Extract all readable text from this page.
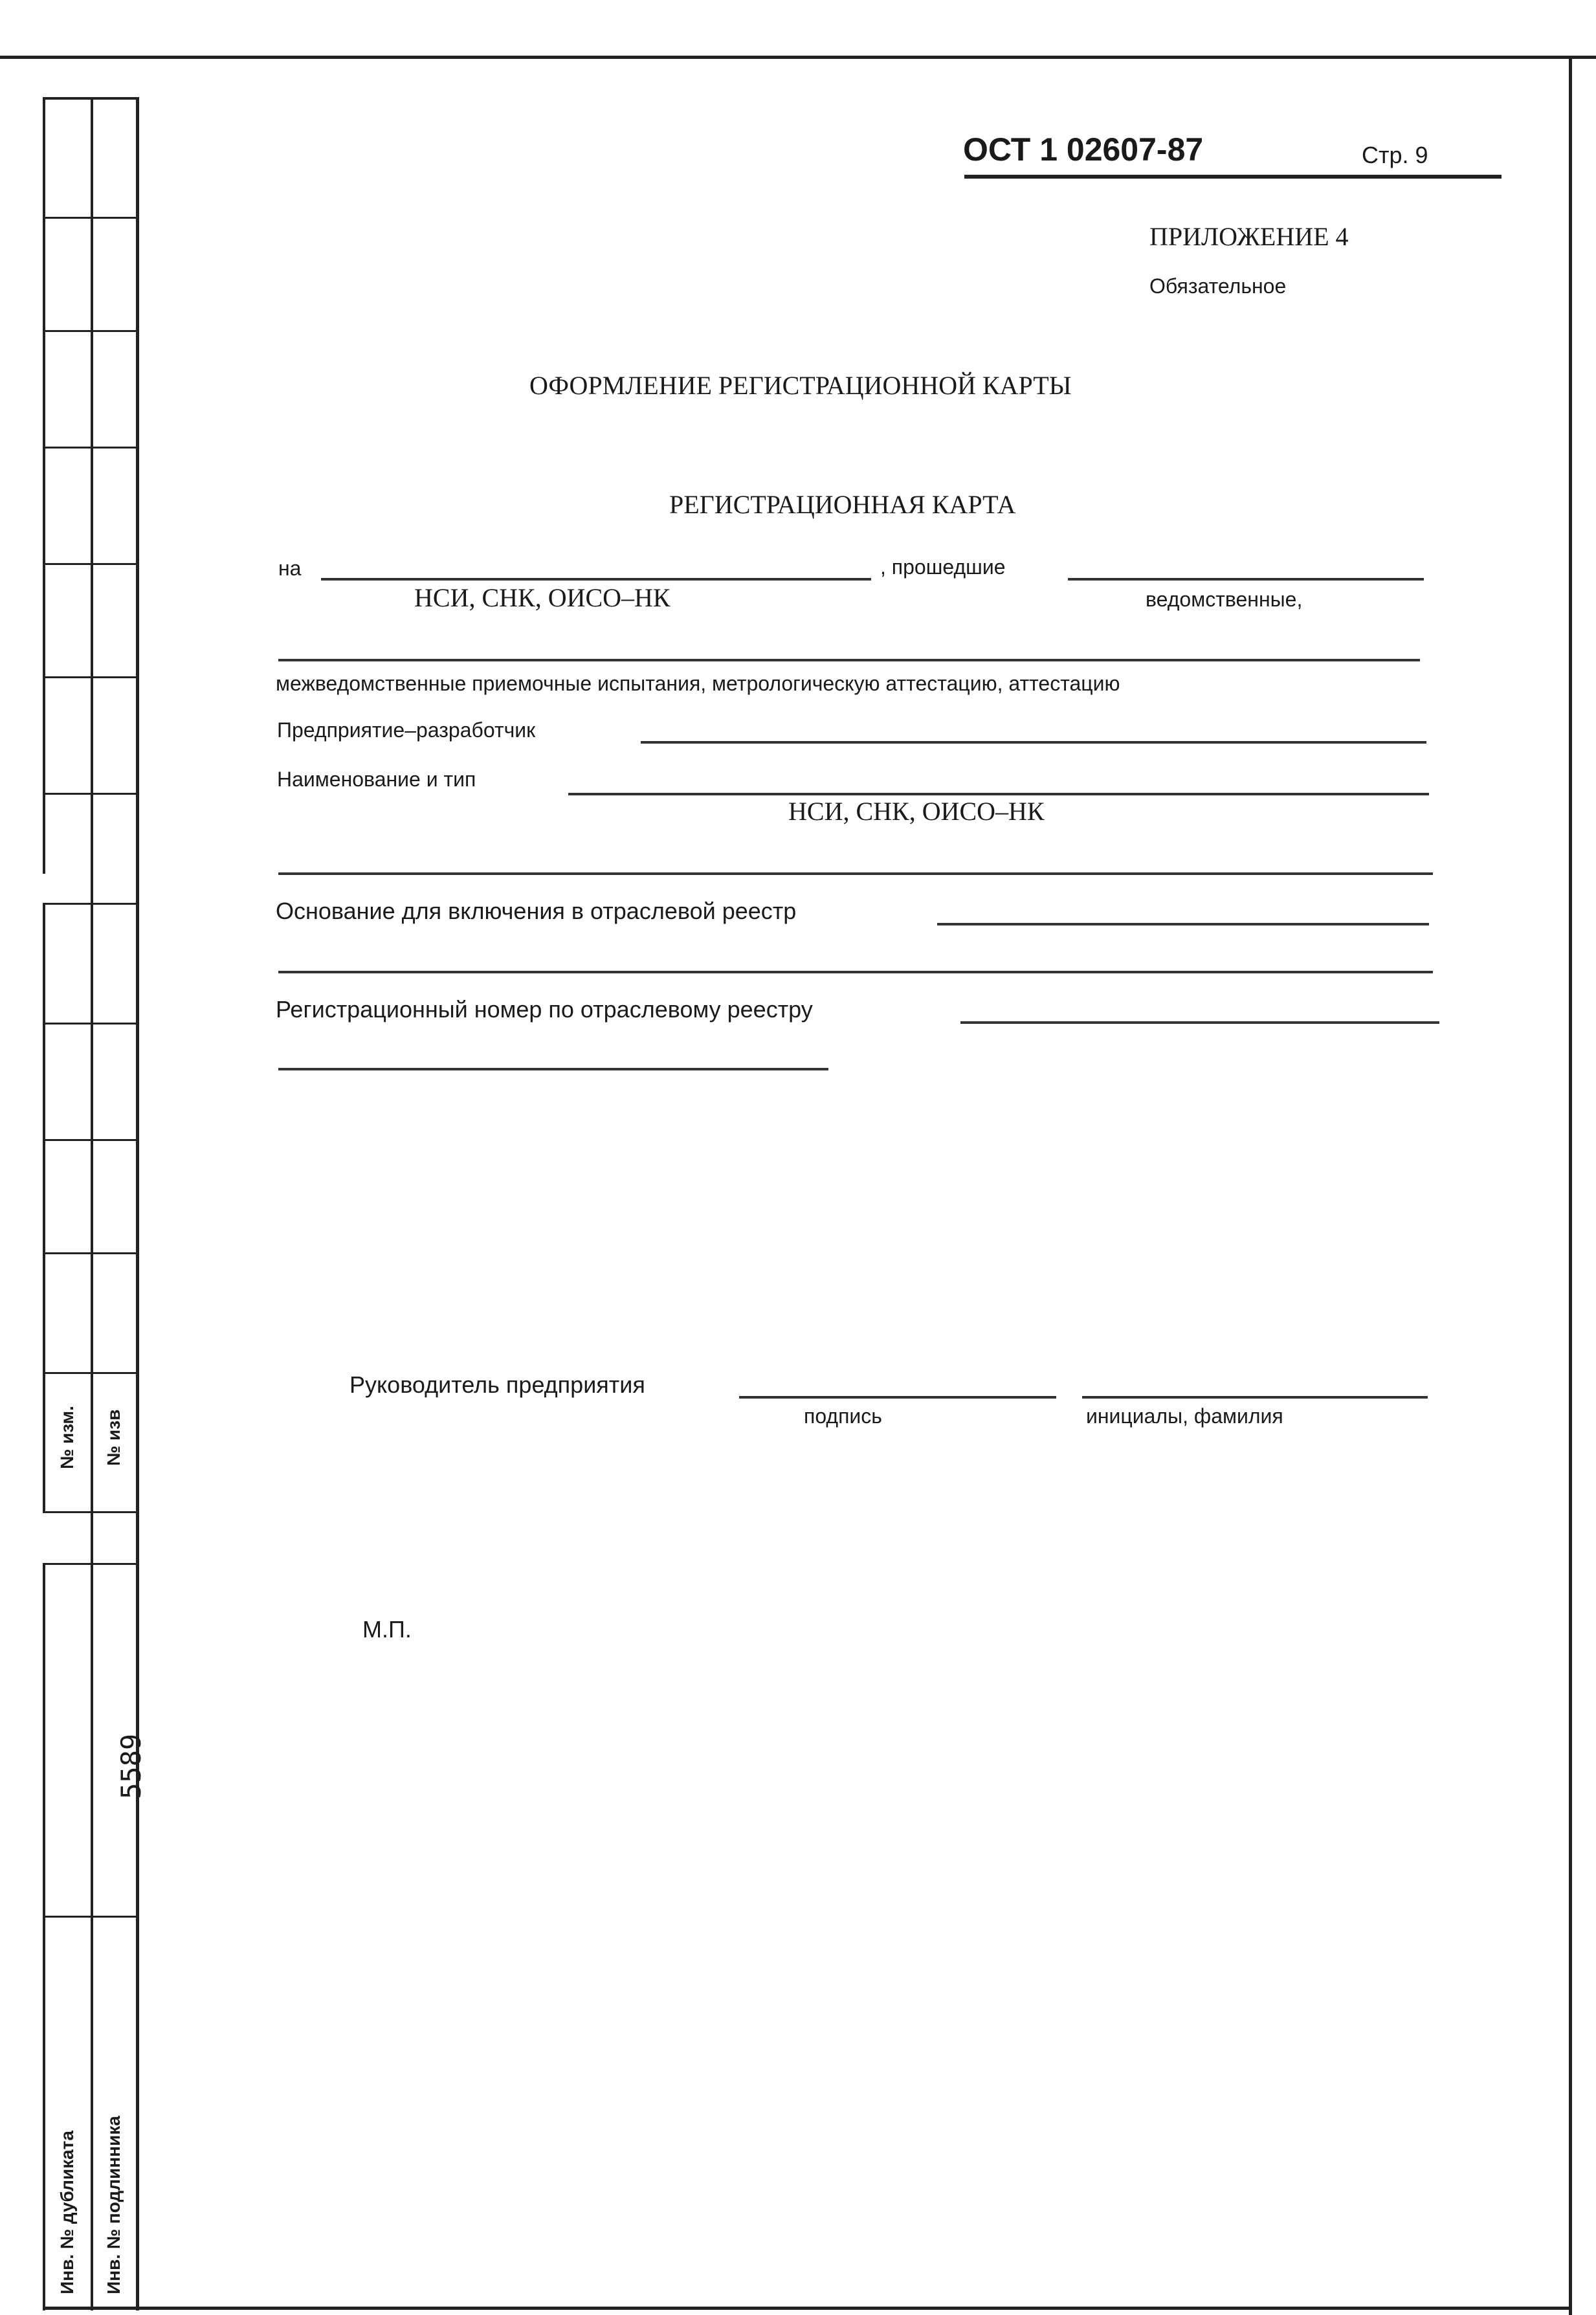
№ изм. № изв
5589
Инв. № дубликата Инв. № подлинника
ОСТ 1 02607-87	Стр. 9
ПРИЛОЖЕНИЕ 4
Обязательное
ОФОРМЛЕНИЕ РЕГИСТРАЦИОННОЙ КАРТЫ
РЕГИСТРАЦИОННАЯ КАРТА
на	, прошедшие
НСИ, СНК, ОИСО–НК	ведомственные,
межведомственные приемочные испытания, метрологическую аттестацию, аттестацию
Предприятие–разработчик
Наименование и тип
НСИ, СНК, ОИСО–НК
Основание для включения в отраслевой реестр
Регистрационный номер по отраслевому реестру
Руководитель предприятия
подпись	инициалы, фамилия
М.П.
